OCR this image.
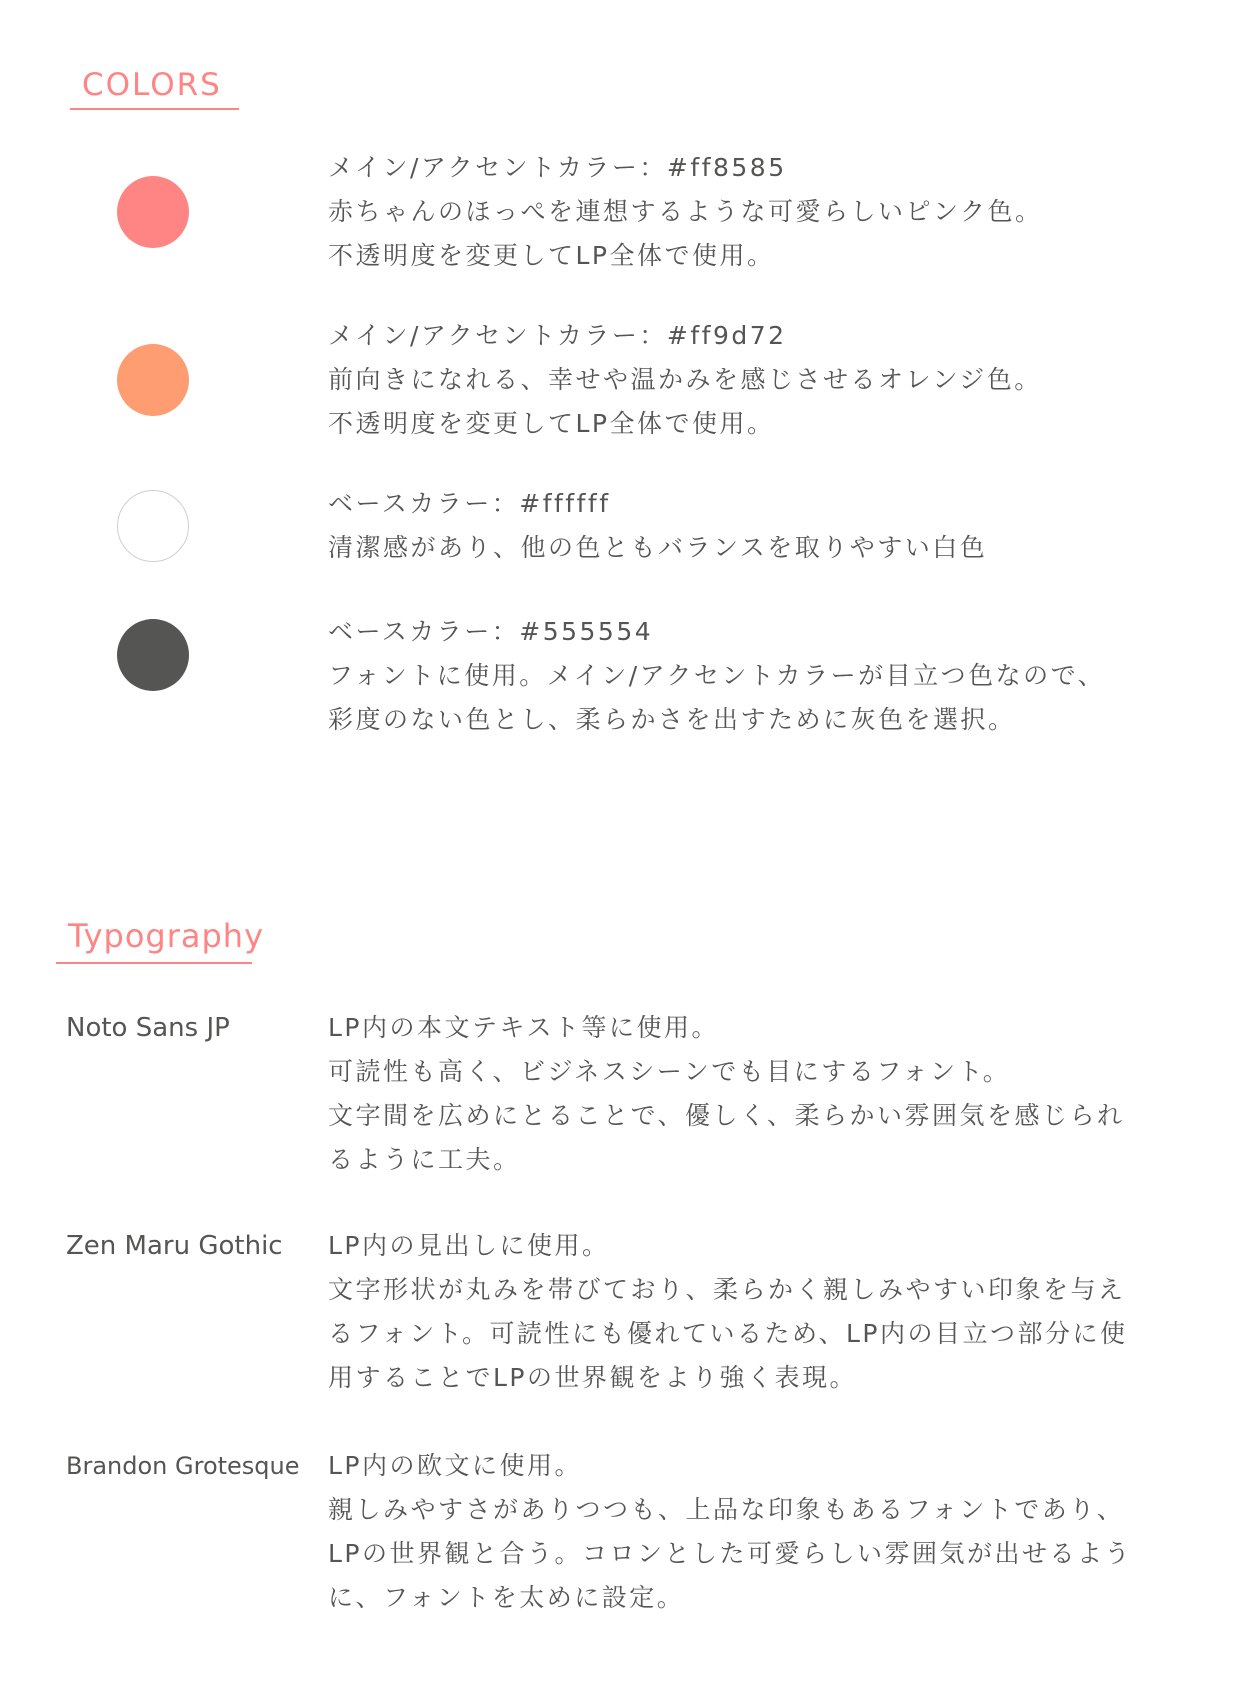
COLORS
メイン/アクセントカラー：#ff8585
赤ちゃんのほっぺを連想するような可愛らしいピンク色。
不透明度を変更してLP全体で使用。
メイン/アクセントカラー：#ff9d72
前向きになれる、幸せや温かみを感じさせるオレンジ色。
不透明度を変更してLP全体で使用。
ベースカラー：#ffffff
清潔感があり、他の色ともバランスを取りやすい白色
ベースカラー：#555554
フォントに使用。メイン/アクセントカラーが目立つ色なので、
彩度のない色とし、柔らかさを出すために灰色を選択。
Typography
Noto Sans JP	LP内の本文テキスト等に使用。
可読性も高く、ビジネスシーンでも目にするフォント。
文字間を広めにとることで、優しく、柔らかい雰囲気を感じられ
るように工夫。
Zen Maru Gothic LP内の見出しに使用。
文字形状が丸みを帯びており、柔らかく親しみやすい印象を与え
るフォント。可読性にも優れているため、LP内の目立つ部分に使
用することでLPの世界観をより強く表現。
Brandon Grotesque LP内の欧文に使用。
親しみやすさがありつつも、上品な印象もあるフォントであり、
LPの世界観と合う。コロンとした可愛らしい雰囲気が出せるよう
に、フォントを太めに設定。
